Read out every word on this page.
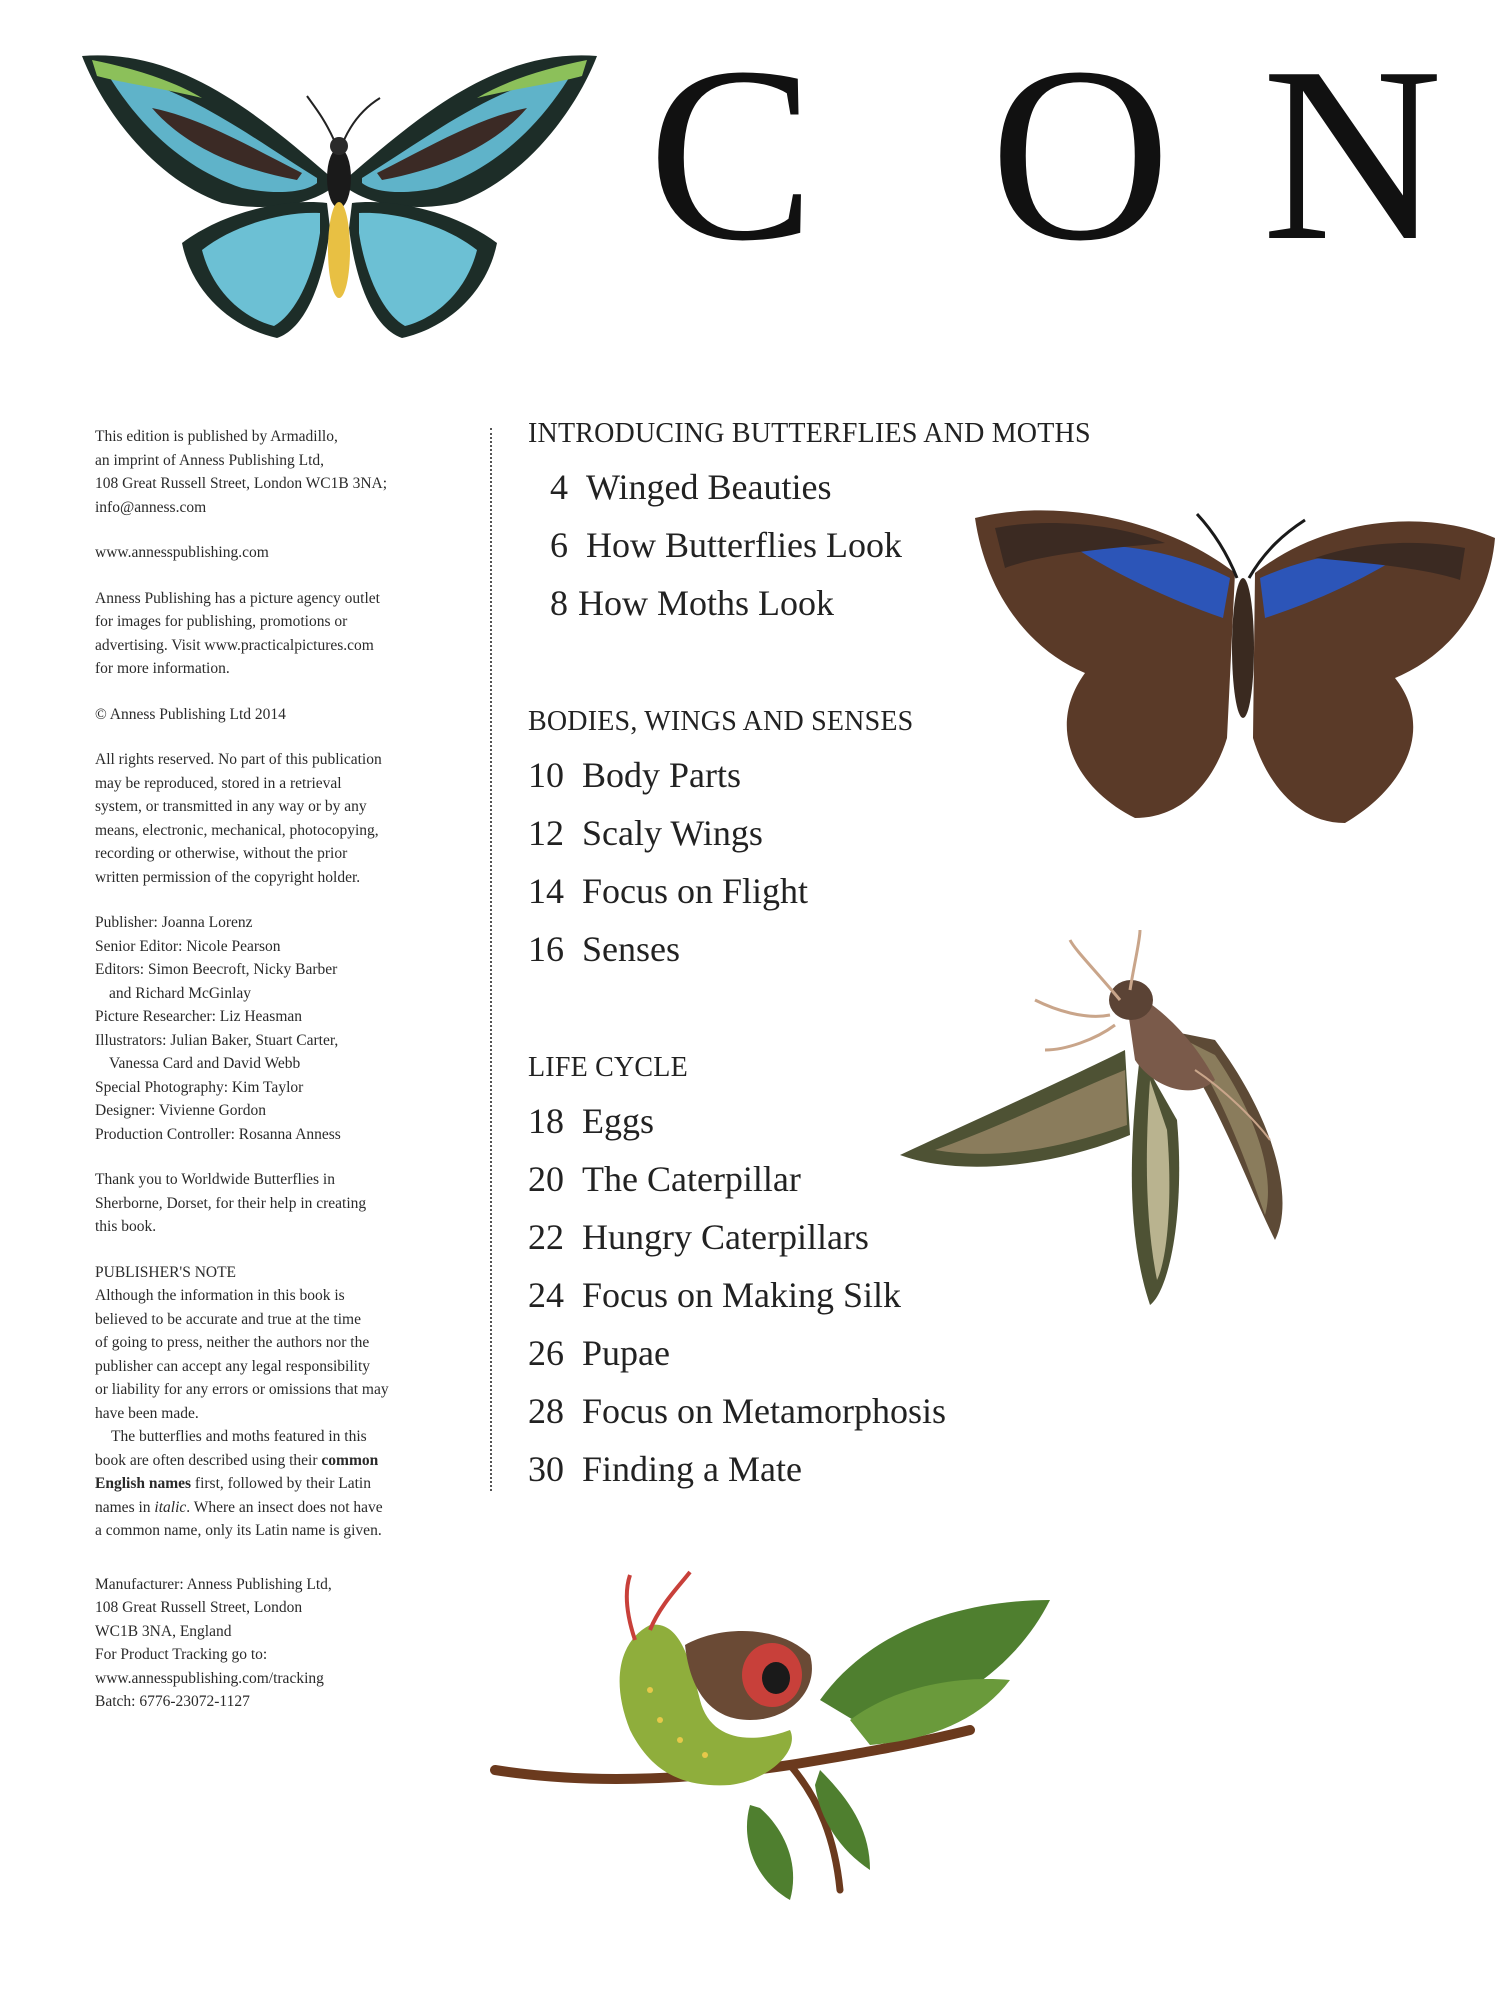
C O N

This edition is published by Armadillo,
an imprint of Anness Publishing Ltd,
108 Great Russell Street, London WC1B 3NA;
info@anness.com

www.annesspublishing.com

Anness Publishing has a picture agency outlet
for images for publishing, promotions or
advertising. Visit www.practicalpictures.com
for more information.

© Anness Publishing Ltd 2014

All rights reserved. No part of this publication
may be reproduced, stored in a retrieval
system, or transmitted in any way or by any
means, electronic, mechanical, photocopying,
recording or otherwise, without the prior
written permission of the copyright holder.

Publisher: Joanna Lorenz
Senior Editor: Nicole Pearson
Editors: Simon Beecroft, Nicky Barber
and Richard McGinlay
Picture Researcher: Liz Heasman
Illustrators: Julian Baker, Stuart Carter,
Vanessa Card and David Webb
Special Photography: Kim Taylor
Designer: Vivienne Gordon
Production Controller: Rosanna Anness

Thank you to Worldwide Butterflies in
Sherborne, Dorset, for their help in creating
this book.

PUBLISHER'S NOTE
Although the information in this book is
believed to be accurate and true at the time
of going to press, neither the authors nor the
publisher can accept any legal responsibility
or liability for any errors or omissions that may
have been made.
The butterflies and moths featured in this
book are often described using their common
English names first, followed by their Latin
names in italic. Where an insect does not have
a common name, only its Latin name is given.

Manufacturer: Anness Publishing Ltd,
108 Great Russell Street, London
WC1B 3NA, England
For Product Tracking go to:
www.annesspublishing.com/tracking
Batch: 6776-23072-1127

INTRODUCING BUTTERFLIES AND MOTHS
4 Winged Beauties
6 How Butterflies Look
8 How Moths Look
BODIES, WINGS AND SENSES
10 Body Parts
12 Scaly Wings
14 Focus on Flight
16 Senses
LIFE CYCLE
18 Eggs
20 The Caterpillar
22 Hungry Caterpillars
24 Focus on Making Silk
26 Pupae
28 Focus on Metamorphosis
30 Finding a Mate
